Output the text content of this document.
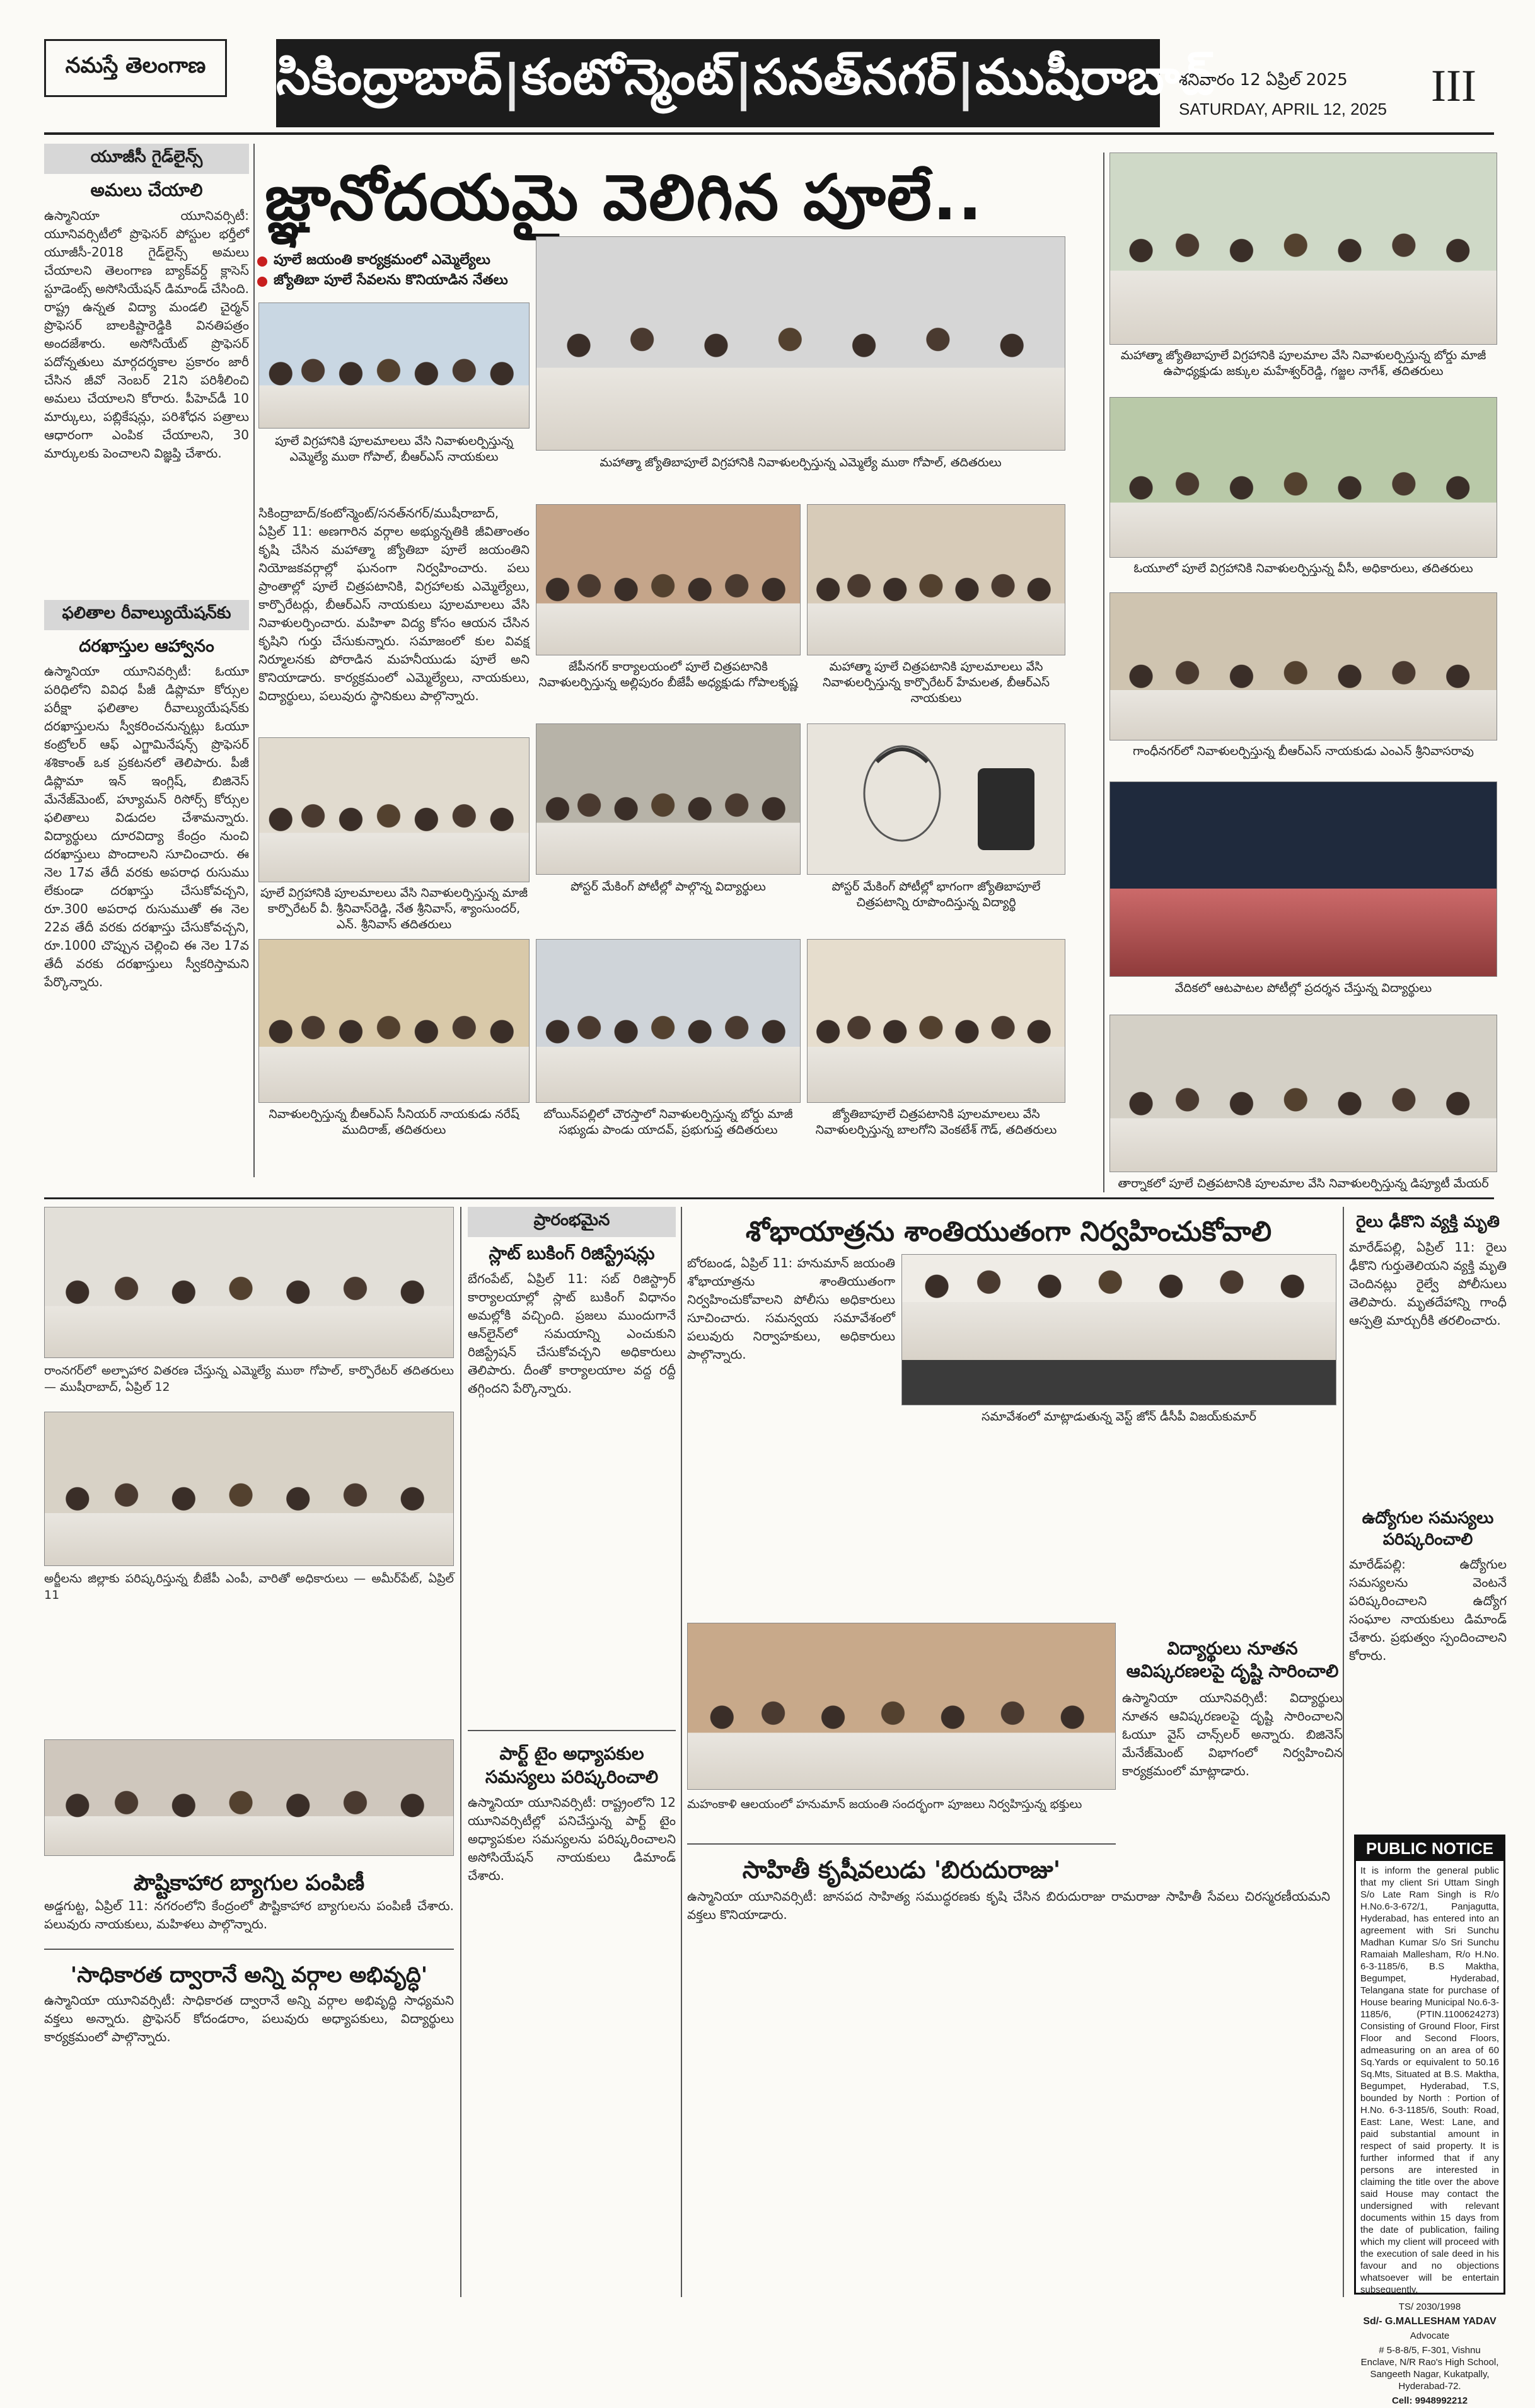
నమస్తే తెలంగాణ	సికింద్రాబాద్ | కంటోన్మెంట్ | సనత్‌నగర్ | ముషీరాబాద్
శనివారం 12 ఏప్రిల్ 2025
SATURDAY, APRIL 12, 2025 III
యూజీసీ గైడ్‌లైన్స్
అమలు చేయాలి
ఉస్మానియా యూనివర్సిటీ: యూనివర్సిటీలో ప్రొఫెసర్ పోస్టుల భర్తీలో యూజీసీ-2018 గైడ్‌లైన్స్ అమలు చేయాలని తెలంగాణ బ్యాక్‌వర్డ్ క్లాసెస్ స్టూడెంట్స్ అసోసియేషన్ డిమాండ్ చేసింది. రాష్ట్ర ఉన్నత విద్యా మండలి చైర్మన్ ప్రొఫెసర్ బాలకిష్టారెడ్డికి వినతిపత్రం అందజేశారు. అసోసియేట్ ప్రొఫెసర్ పదోన్నతులు మార్గదర్శకాల ప్రకారం జారీ చేసిన జీవో నెంబర్ 21ని పరిశీలించి అమలు చేయాలని కోరారు. పీహెచ్‌డీ 10 మార్కులు, పబ్లికేషన్లు, పరిశోధన పత్రాలు ఆధారంగా ఎంపిక చేయాలని, 30 మార్కులకు పెంచాలని విజ్ఞప్తి చేశారు.
ఫలితాల రీవాల్యుయేషన్‌కు
దరఖాస్తుల ఆహ్వానం
ఉస్మానియా యూనివర్సిటీ: ఓయూ పరిధిలోని వివిధ పీజీ డిప్లొమా కోర్సుల పరీక్షా ఫలితాల రీవాల్యుయేషన్‌కు దరఖాస్తులను స్వీకరించనున్నట్లు ఓయూ కంట్రోలర్ ఆఫ్ ఎగ్జామినేషన్స్ ప్రొఫెసర్ శశికాంత్ ఒక ప్రకటనలో తెలిపారు. పీజీ డిప్లొమా ఇన్ ఇంగ్లిష్, బిజినెస్ మేనేజ్‌మెంట్, హ్యూమన్ రిసోర్స్ కోర్సుల ఫలితాలు విడుదల చేశామన్నారు. విద్యార్థులు దూరవిద్యా కేంద్రం నుంచి దరఖాస్తులు పొందాలని సూచించారు. ఈ నెల 17వ తేదీ వరకు అపరాధ రుసుము లేకుండా దరఖాస్తు చేసుకోవచ్చని, రూ.300 అపరాధ రుసుముతో ఈ నెల 22వ తేదీ వరకు దరఖాస్తు చేసుకోవచ్చని, రూ.1000 చొప్పున చెల్లించి ఈ నెల 17వ తేదీ వరకు దరఖాస్తులు స్వీకరిస్తామని పేర్కొన్నారు.
జ్ఞానోదయమై వెలిగిన పూలే..
పూలే జయంతి కార్యక్రమంలో ఎమ్మెల్యేలు
జ్యోతిబా పూలే సేవలను కొనియాడిన నేతలు
సికింద్రాబాద్/కంటోన్మెంట్/సనత్‌నగర్/ముషీరాబాద్, ఏప్రిల్ 11: అణగారిన వర్గాల అభ్యున్నతికి జీవితాంతం కృషి చేసిన మహాత్మా జ్యోతిబా పూలే జయంతిని నియోజకవర్గాల్లో ఘనంగా నిర్వహించారు. పలు ప్రాంతాల్లో పూలే చిత్రపటానికి, విగ్రహాలకు ఎమ్మెల్యేలు, కార్పొరేటర్లు, బీఆర్‌ఎస్ నాయకులు పూలమాలలు వేసి నివాళులర్పించారు. మహిళా విద్య కోసం ఆయన చేసిన కృషిని గుర్తు చేసుకున్నారు. సమాజంలో కుల వివక్ష నిర్మూలనకు పోరాడిన మహనీయుడు పూలే అని కొనియాడారు. కార్యక్రమంలో ఎమ్మెల్యేలు, నాయకులు, విద్యార్థులు, పలువురు స్థానికులు పాల్గొన్నారు.
పూలే విగ్రహానికి పూలమాలలు వేసి నివాళులర్పిస్తున్న ఎమ్మెల్యే ముఠా గోపాల్, బీఆర్‌ఎస్ నాయకులు	మహాత్మా జ్యోతిబాపూలే విగ్రహానికి నివాళులర్పిస్తున్న ఎమ్మెల్యే ముఠా గోపాల్, తదితరులు
మహాత్మా జ్యోతిబాపూలే విగ్రహానికి పూలమాల వేసి నివాళులర్పిస్తున్న బోర్డు మాజీ ఉపాధ్యక్షుడు జక్కుల మహేశ్వర్‌రెడ్డి, గజ్జల నాగేశ్, తదితరులు
ఓయూలో పూలే విగ్రహానికి నివాళులర్పిస్తున్న వీసీ, అధికారులు, తదితరులు
జేపీనగర్‌ కార్యాలయంలో పూలే చిత్రపటానికి నివాళులర్పిస్తున్న అల్లిపురం బీజేపీ అధ్యక్షుడు గోపాలకృష్ణ
మహాత్మా పూలే చిత్రపటానికి పూలమాలలు వేసి నివాళులర్పిస్తున్న కార్పొరేటర్ హేమలత, బీఆర్‌ఎస్ నాయకులు
గాంధీనగర్‌లో నివాళులర్పిస్తున్న బీఆర్‌ఎస్ నాయకుడు ఎంఎన్ శ్రీనివాసరావు
పూలే విగ్రహానికి పూలమాలలు వేసి నివాళులర్పిస్తున్న మాజీ కార్పొరేటర్ వీ. శ్రీనివాస్‌రెడ్డి, నేత శ్రీనివాస్, శ్యాంసుందర్, ఎన్. శ్రీనివాస్ తదితరులు
పోస్టర్ మేకింగ్ పోటీల్లో పాల్గొన్న విద్యార్థులు	పోస్టర్ మేకింగ్ పోటీల్లో భాగంగా జ్యోతిబాపూలే చిత్రపటాన్ని రూపొందిస్తున్న విద్యార్థి
వేదికలో ఆటపాటల పోటీల్లో ప్రదర్శన చేస్తున్న విద్యార్థులు
నివాళులర్పిస్తున్న బీఆర్‌ఎస్ సీనియర్ నాయకుడు నరేష్ ముదిరాజ్, తదితరులు
బోయిన్‌పల్లిలో చౌరస్తాలో నివాళులర్పిస్తున్న బోర్డు మాజీ సభ్యుడు పాండు యాదవ్, ప్రభుగుప్త తదితరులు
జ్యోతిబాపూలే చిత్రపటానికి పూలమాలలు వేసి నివాళులర్పిస్తున్న బాలగోని వెంకటేశ్ గౌడ్, తదితరులు
తార్నాకలో పూలే చిత్రపటానికి పూలమాల వేసి నివాళులర్పిస్తున్న డిప్యూటీ మేయర్
రాంనగర్‌లో అల్పాహార వితరణ చేస్తున్న ఎమ్మెల్యే ముఠా గోపాల్, కార్పొరేటర్ తదితరులు — ముషీరాబాద్, ఏప్రిల్ 12
అర్జీలను జిల్లాకు పరిష్కరిస్తున్న బీజేపీ ఎంపీ, వారితో అధికారులు — అమీర్‌పేట్, ఏప్రిల్ 11
పౌష్టికాహార బ్యాగుల పంపిణీ
అడ్డగుట్ట, ఏప్రిల్ 11: నగరంలోని కేంద్రంలో పౌష్టికాహార బ్యాగులను పంపిణీ చేశారు. పలువురు నాయకులు, మహిళలు పాల్గొన్నారు.
'సాధికారత ద్వారానే అన్ని వర్గాల అభివృద్ధి'
ఉస్మానియా యూనివర్సిటీ: సాధికారత ద్వారానే అన్ని వర్గాల అభివృద్ధి సాధ్యమని వక్తలు అన్నారు. ప్రొఫెసర్ కోదండరాం, పలువురు అధ్యాపకులు, విద్యార్థులు కార్యక్రమంలో పాల్గొన్నారు.
ప్రారంభమైన
స్లాట్ బుకింగ్ రిజిస్ట్రేషన్లు
బేగంపేట్, ఏప్రిల్ 11: సబ్ రిజిస్ట్రార్ కార్యాలయాల్లో స్లాట్ బుకింగ్ విధానం అమల్లోకి వచ్చింది. ప్రజలు ముందుగానే ఆన్‌లైన్‌లో సమయాన్ని ఎంచుకుని రిజిస్ట్రేషన్ చేసుకోవచ్చని అధికారులు తెలిపారు. దీంతో కార్యాలయాల వద్ద రద్దీ తగ్గిందని పేర్కొన్నారు.
పార్ట్ టైం అధ్యాపకుల సమస్యలు పరిష్కరించాలి
ఉస్మానియా యూనివర్సిటీ: రాష్ట్రంలోని 12 యూనివర్సిటీల్లో పనిచేస్తున్న పార్ట్ టైం అధ్యాపకుల సమస్యలను పరిష్కరించాలని అసోసియేషన్ నాయకులు డిమాండ్ చేశారు.
శోభాయాత్రను శాంతియుతంగా నిర్వహించుకోవాలి
బోరబండ, ఏప్రిల్ 11: హనుమాన్ జయంతి శోభాయాత్రను శాంతియుతంగా నిర్వహించుకోవాలని పోలీసు అధికారులు సూచించారు. సమన్వయ సమావేశంలో పలువురు నిర్వాహకులు, అధికారులు పాల్గొన్నారు.
సమావేశంలో మాట్లాడుతున్న వెస్ట్ జోన్ డీసీపీ విజయ్‌కుమార్
మహంకాళి ఆలయంలో హనుమాన్ జయంతి సందర్భంగా పూజలు నిర్వహిస్తున్న భక్తులు
సాహితీ కృషీవలుడు 'బిరుదురాజు'
ఉస్మానియా యూనివర్సిటీ: జానపద సాహిత్య సముద్ధరణకు కృషి చేసిన బిరుదురాజు రామరాజు సాహితీ సేవలు చిరస్మరణీయమని వక్తలు కొనియాడారు.
విద్యార్థులు నూతన ఆవిష్కరణలపై దృష్టి సారించాలి
ఉస్మానియా యూనివర్సిటీ: విద్యార్థులు నూతన ఆవిష్కరణలపై దృష్టి సారించాలని ఓయూ వైస్ చాన్స్‌లర్ అన్నారు. బిజినెస్ మేనేజ్‌మెంట్ విభాగంలో నిర్వహించిన కార్యక్రమంలో మాట్లాడారు.
రైలు ఢీకొని వ్యక్తి మృతి
మారేడ్‌పల్లి, ఏప్రిల్ 11: రైలు ఢీకొని గుర్తుతెలియని వ్యక్తి మృతి చెందినట్లు రైల్వే పోలీసులు తెలిపారు. మృతదేహాన్ని గాంధీ ఆస్పత్రి మార్చురీకి తరలించారు.
ఉద్యోగుల సమస్యలు పరిష్కరించాలి
మారేడ్‌పల్లి: ఉద్యోగుల సమస్యలను వెంటనే పరిష్కరించాలని ఉద్యోగ సంఘాల నాయకులు డిమాండ్ చేశారు. ప్రభుత్వం స్పందించాలని కోరారు.
PUBLIC NOTICE
It is inform the general public that my client Sri Uttam Singh S/o Late Ram Singh is R/o H.No.6-3-672/1, Panjagutta, Hyderabad, has entered into an agreement with Sri Sunchu Madhan Kumar S/o Sri Sunchu Ramaiah Mallesham, R/o H.No. 6-3-1185/6, B.S Maktha, Begumpet, Hyderabad, Telangana state for purchase of House bearing Municipal No.6-3-1185/6, (PTIN.1100624273) Consisting of Ground Floor, First Floor and Second Floors, admeasuring on an area of 60 Sq.Yards or equivalent to 50.16 Sq.Mts, Situated at B.S. Maktha, Begumpet, Hyderabad, T.S, bounded by North : Portion of H.No. 6-3-1185/6, South: Road, East: Lane, West: Lane, and paid substantial amount in respect of said property. It is further informed that if any persons are interested in claiming the title over the above said House may contact the undersigned with relevant documents within 15 days from the date of publication, failing which my client will proceed with the execution of sale deed in his favour and no objections whatsoever will be entertain subsequently.
TS/ 2030/1998
Sd/- G.MALLESHAM YADAV
Advocate
# 5-8-8/5, F-301, Vishnu Enclave, N/R Rao's High School, Sangeeth Nagar, Kukatpally, Hyderabad-72.
Cell: 9948992212
